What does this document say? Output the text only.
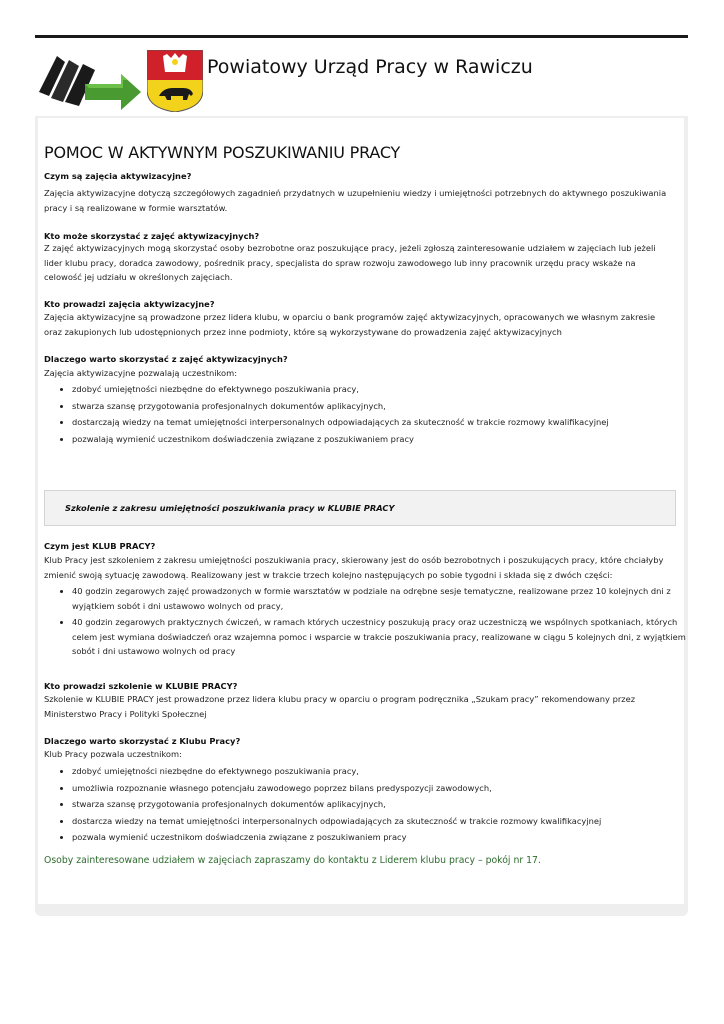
Powiatowy Urząd Pracy w Rawiczu
POMOC W AKTYWNYM POSZUKIWANIU PRACY

Czym są zajęcia aktywizacyjne?

Zajęcia aktywizacyjne dotyczą szczegółowych zagadnień przydatnych w uzupełnieniu wiedzy i umiejętności potrzebnych do aktywnego poszukiwania pracy i są realizowane w formie warsztatów.

Kto może skorzystać z zajęć aktywizacyjnych?

Z zajęć aktywizacyjnych mogą skorzystać osoby bezrobotne oraz poszukujące pracy, jeżeli zgłoszą zainteresowanie udziałem w zajęciach lub jeżeli lider klubu pracy, doradca zawodowy, pośrednik pracy, specjalista do spraw rozwoju zawodowego lub inny pracownik urzędu pracy wskaże na celowość jej udziału w określonych zajęciach.

Kto prowadzi zajęcia aktywizacyjne?

Zajęcia aktywizacyjne są prowadzone przez lidera klubu, w oparciu o bank programów zajęć aktywizacyjnych, opracowanych we własnym zakresie oraz zakupionych lub udostępnionych przez inne podmioty, które są wykorzystywane do prowadzenia zajęć aktywizacyjnych

Dlaczego warto skorzystać z zajęć aktywizacyjnych?

Zajęcia aktywizacyjne pozwalają uczestnikom:

• zdobyć umiejętności niezbędne do efektywnego poszukiwania pracy,
• stwarza szansę przygotowania profesjonalnych dokumentów aplikacyjnych,
• dostarczają wiedzy na temat umiejętności interpersonalnych odpowiadających za skuteczność w trakcie rozmowy kwalifikacyjnej
• pozwalają wymienić uczestnikom doświadczenia związane z poszukiwaniem pracy
Szkolenie z zakresu umiejętności poszukiwania pracy w KLUBIE PRACY

Czym jest KLUB PRACY?

Klub Pracy jest szkoleniem z zakresu umiejętności poszukiwania pracy, skierowany jest do osób bezrobotnych i poszukujących pracy, które chciałyby zmienić swoją sytuację zawodową. Realizowany jest w trakcie trzech kolejno następujących po sobie tygodni i składa się z dwóch części:

• 40 godzin zegarowych zajęć prowadzonych w formie warsztatów w podziale na odrębne sesje tematyczne, realizowane przez 10 kolejnych dni z wyjątkiem sobót i dni ustawowo wolnych od pracy,
• 40 godzin zegarowych praktycznych ćwiczeń, w ramach których uczestnicy poszukują pracy oraz uczestniczą we wspólnych spotkaniach, których celem jest wymiana doświadczeń oraz wzajemna pomoc i wsparcie w trakcie poszukiwania pracy, realizowane w ciągu 5 kolejnych dni, z wyjątkiem sobót i dni ustawowo wolnych od pracy

Kto prowadzi szkolenie w KLUBIE PRACY?

Szkolenie w KLUBIE PRACY jest prowadzone przez lidera klubu pracy w oparciu o program podręcznika „Szukam pracy” rekomendowany przez Ministerstwo Pracy i Polityki Społecznej

Dlaczego warto skorzystać z Klubu Pracy?

Klub Pracy pozwala uczestnikom:

• zdobyć umiejętności niezbędne do efektywnego poszukiwania pracy,
• umożliwia rozpoznanie własnego potencjału zawodowego poprzez bilans predyspozycji zawodowych,
• stwarza szansę przygotowania profesjonalnych dokumentów aplikacyjnych,
• dostarcza wiedzy na temat umiejętności interpersonalnych odpowiadających za skuteczność w trakcie rozmowy kwalifikacyjnej
• pozwala wymienić uczestnikom doświadczenia związane z poszukiwaniem pracy
Osoby zainteresowane udziałem w zajęciach zapraszamy do kontaktu z Liderem klubu pracy – pokój nr 17.
